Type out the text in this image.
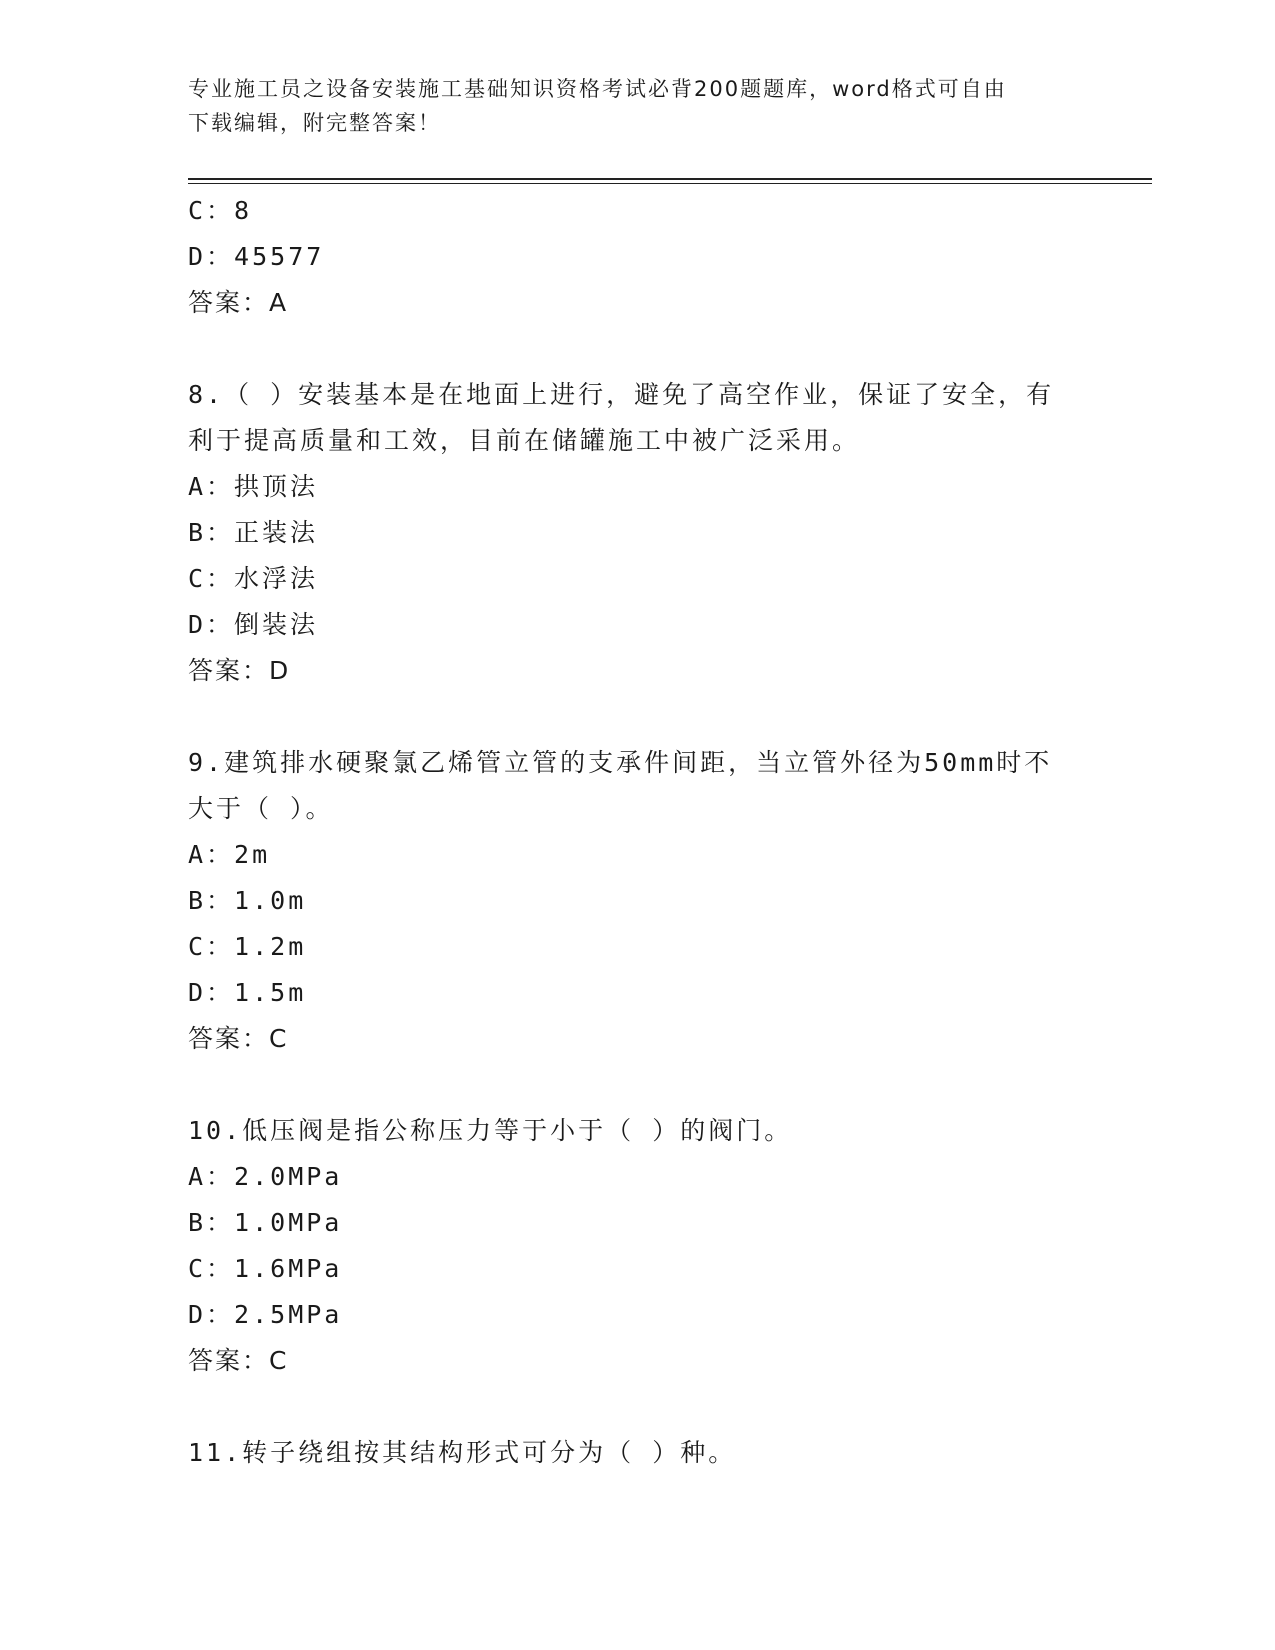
专业施工员之设备安装施工基础知识资格考试必背200题题库，word格式可自由
下载编辑，附完整答案！
C：8
D：45577
答案：A
8.（ ）安装基本是在地面上进行，避免了高空作业，保证了安全，有
利于提高质量和工效，目前在储罐施工中被广泛采用。
A：拱顶法
B：正装法
C：水浮法
D：倒装法
答案：D
9.建筑排水硬聚氯乙烯管立管的支承件间距，当立管外径为50mm时不
大于（ ）。
A：2m
B：1.0m
C：1.2m
D：1.5m
答案：C
10.低压阀是指公称压力等于小于（ ）的阀门。
A：2.0MPa
B：1.0MPa
C：1.6MPa
D：2.5MPa
答案：C
11.转子绕组按其结构形式可分为（ ）种。
